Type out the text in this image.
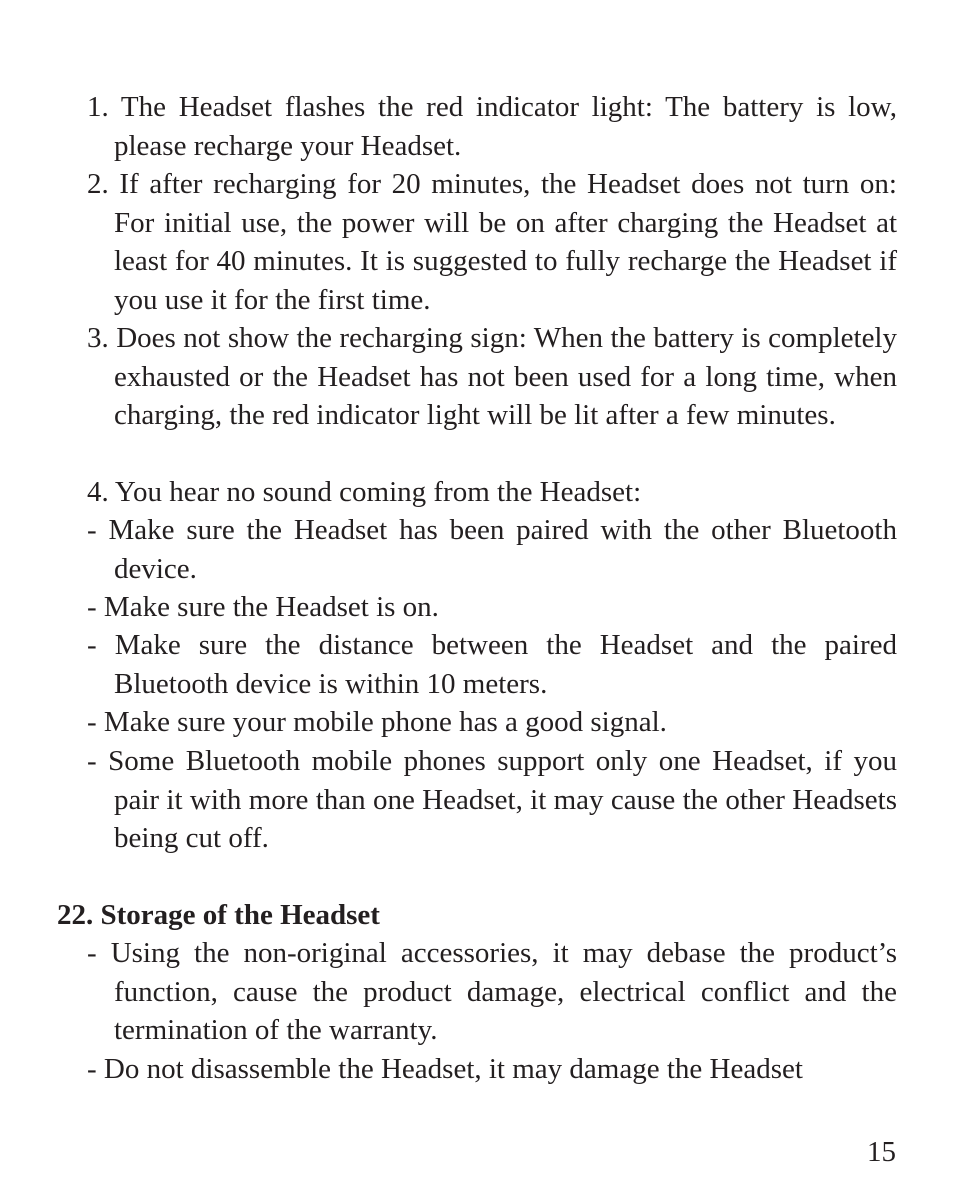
1. The Headset flashes the red indicator light: The battery is low, please recharge your Headset.

2. If after recharging for 20 minutes, the Headset does not turn on: For initial use, the power will be on after charging the Headset at least for 40 minutes. It is suggested to fully recharge the Headset if you use it for the first time.

3. Does not show the recharging sign: When the battery is completely exhausted or the Headset has not been used for a long time, when charging, the red indicator light will be lit after a few minutes.

4. You hear no sound coming from the Headset:

- Make sure the Headset has been paired with the other Bluetooth device.

- Make sure the Headset is on.

- Make sure the distance between the Headset and the paired Bluetooth device is within 10 meters.

- Make sure your mobile phone has a good signal.

- Some Bluetooth mobile phones support only one Headset, if you pair it with more than one Headset, it may cause the other Headsets being cut off.

22. Storage of the Headset

- Using the non-original accessories, it may debase the product’s function, cause the product damage, electrical conflict and the termination of the warranty.

- Do not disassemble the Headset, it may damage the Headset

15
